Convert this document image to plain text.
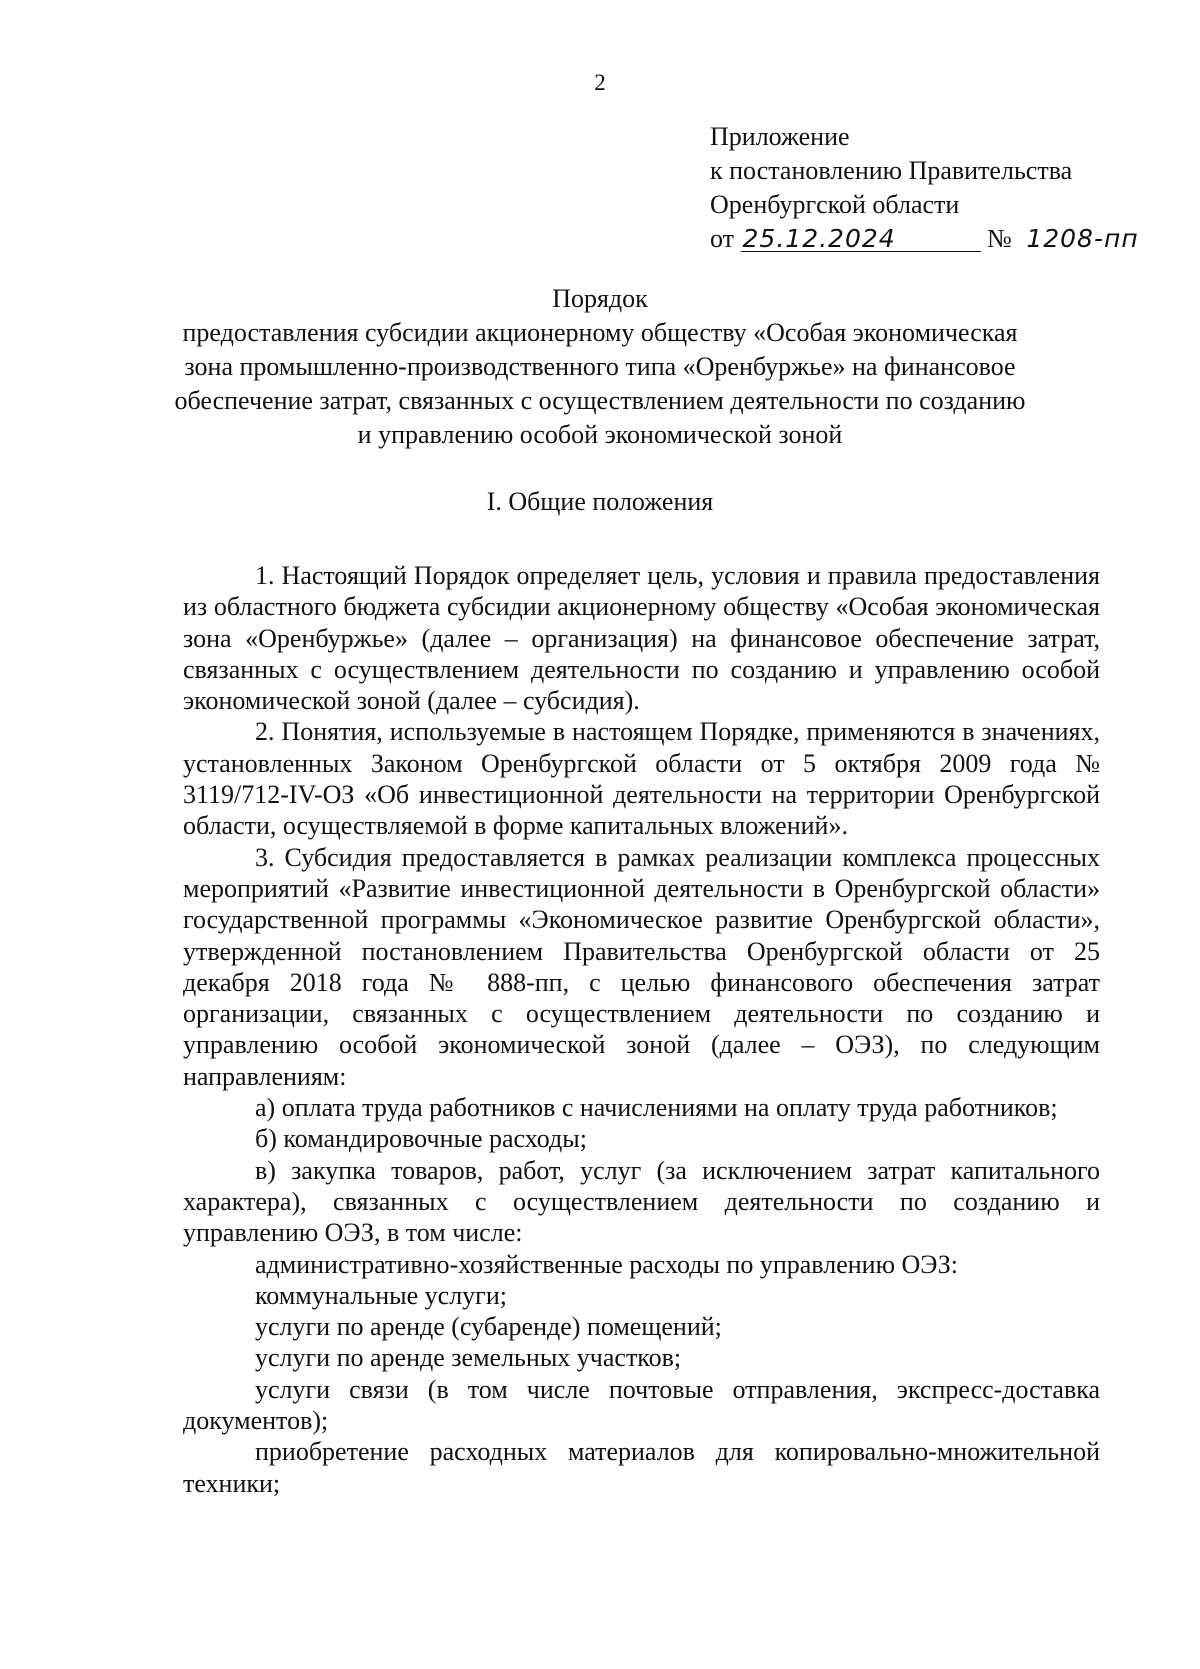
2
Приложение
к постановлению Правительства
Оренбургской области
от 25.12.2024	№ 1208-пп
Порядок
предоставления субсидии акционерному обществу «Особая экономическая
зона промышленно-производственного типа «Оренбуржье» на финансовое
обеспечение затрат, связанных с осуществлением деятельности по созданию
и управлению особой экономической зоной
I. Общие положения

1. Настоящий Порядок определяет цель, условия и правила предоставления из областного бюджета субсидии акционерному обществу «Особая экономическая зона «Оренбуржье» (далее – организация) на финансовое обеспечение затрат, связанных с осуществлением деятельности по созданию и управлению особой экономической зоной (далее – субсидия).

2. Понятия, используемые в настоящем Порядке, применяются в значениях, установленных Законом Оренбургской области от 5 октября 2009 года № 3119/712-IV-ОЗ «Об инвестиционной деятельности на территории Оренбургской области, осуществляемой в форме капитальных вложений».

3. Субсидия предоставляется в рамках реализации комплекса процессных мероприятий «Развитие инвестиционной деятельности в Оренбургской области» государственной программы «Экономическое развитие Оренбургской области», утвержденной постановлением Правительства Оренбургской области от 25 декабря 2018 года № 888-пп, с целью финансового обеспечения затрат организации, связанных с осуществлением деятельности по созданию и управлению особой экономической зоной (далее – ОЭЗ), по следующим направлениям:

а) оплата труда работников с начислениями на оплату труда работников;

б) командировочные расходы;

в) закупка товаров, работ, услуг (за исключением затрат капитального характера), связанных с осуществлением деятельности по созданию и управлению ОЭЗ, в том числе:

административно-хозяйственные расходы по управлению ОЭЗ:

коммунальные услуги;

услуги по аренде (субаренде) помещений;

услуги по аренде земельных участков;

услуги связи (в том числе почтовые отправления, экспресс-доставка документов);

приобретение расходных материалов для копировально-множительной техники;
